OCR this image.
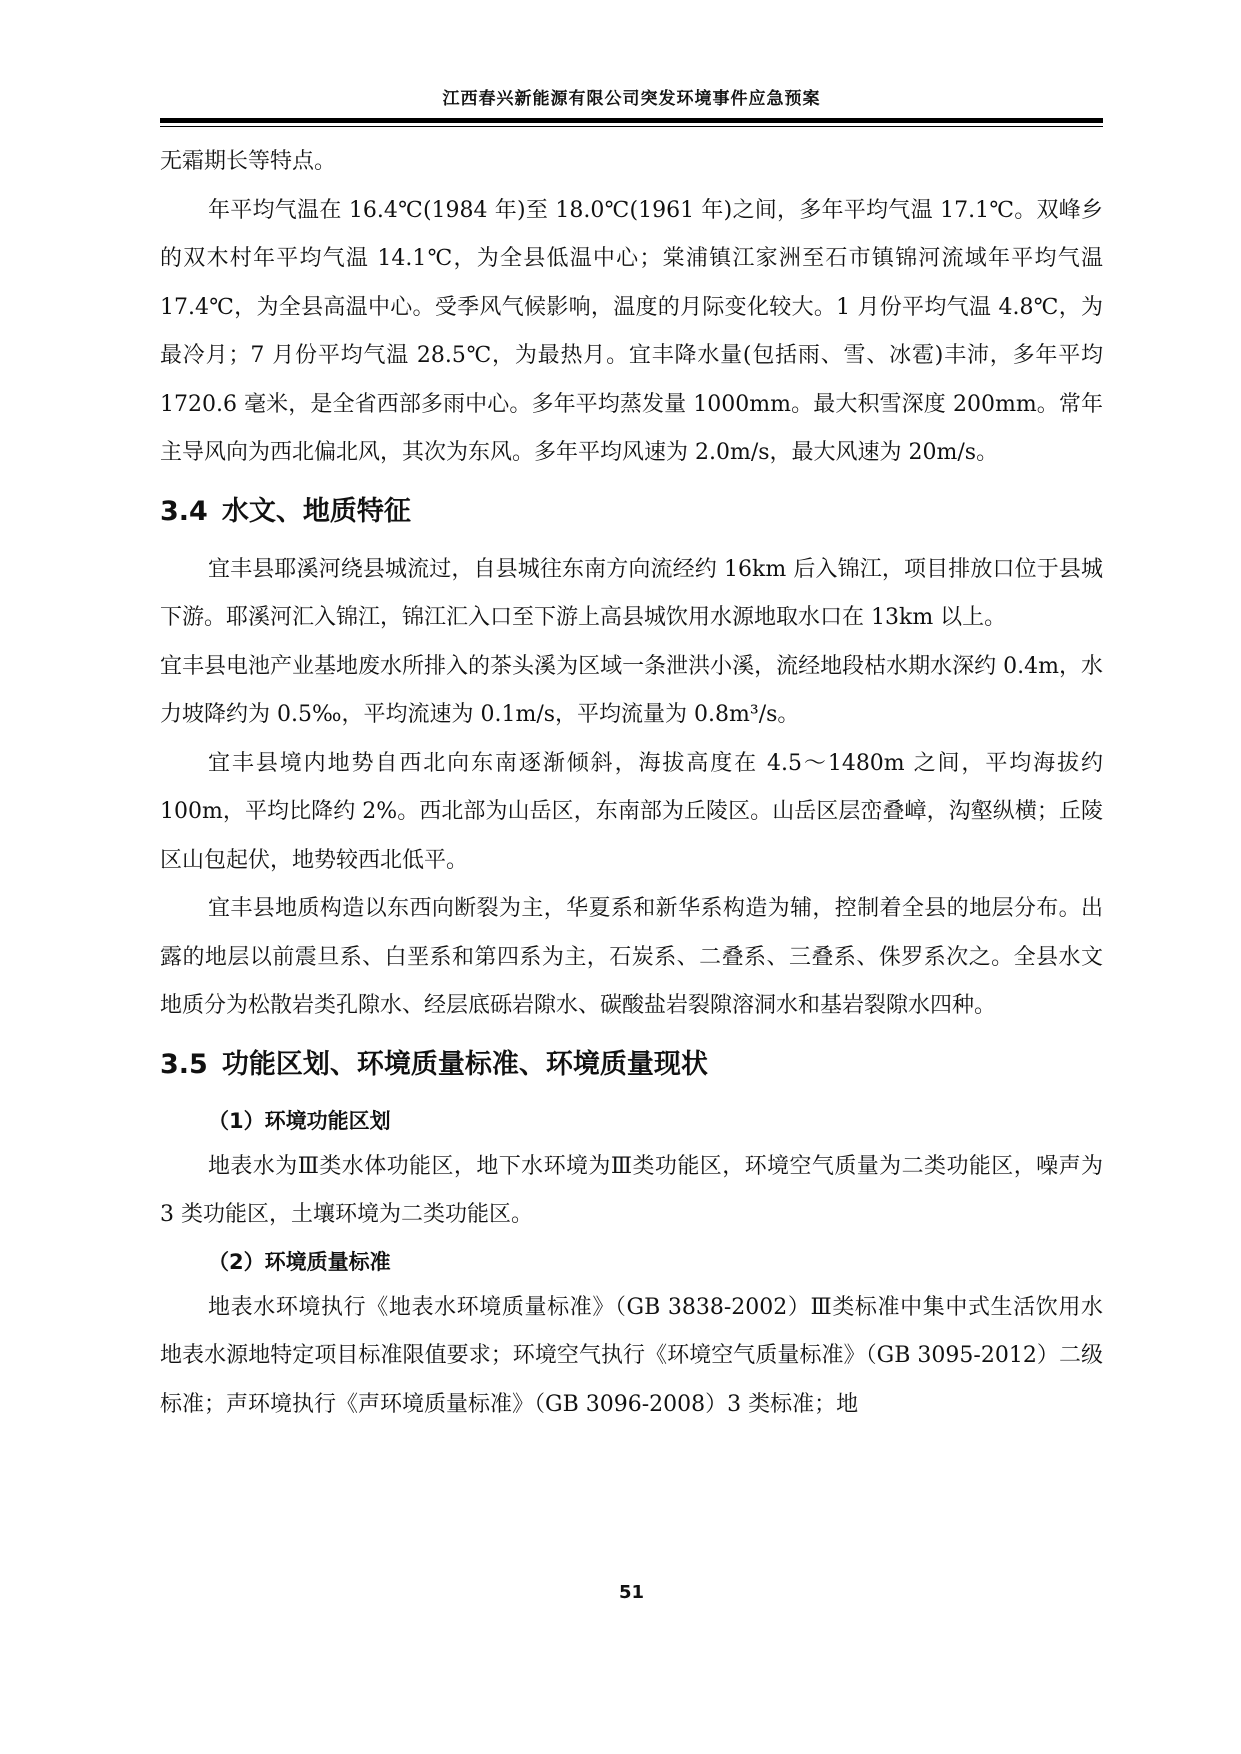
江西春兴新能源有限公司突发环境事件应急预案

无霜期长等特点。

年平均气温在 16.4℃(1984 年)至 18.0℃(1961 年)之间，多年平均气温 17.1℃。双峰乡的双木村年平均气温 14.1℃，为全县低温中心；棠浦镇江家洲至石市镇锦河流域年平均气温 17.4℃，为全县高温中心。受季风气候影响，温度的月际变化较大。1 月份平均气温 4.8℃，为最冷月；7 月份平均气温 28.5℃，为最热月。宜丰降水量(包括雨、雪、冰雹)丰沛，多年平均 1720.6 毫米，是全省西部多雨中心。多年平均蒸发量 1000mm。最大积雪深度 200mm。常年主导风向为西北偏北风，其次为东风。多年平均风速为 2.0m/s，最大风速为 20m/s。

3.4 水文、地质特征

宜丰县耶溪河绕县城流过，自县城往东南方向流经约 16km 后入锦江，项目排放口位于县城下游。耶溪河汇入锦江，锦江汇入口至下游上高县城饮用水源地取水口在 13km 以上。

宜丰县电池产业基地废水所排入的茶头溪为区域一条泄洪小溪，流经地段枯水期水深约 0.4m，水力坡降约为 0.5‰，平均流速为 0.1m/s，平均流量为 0.8m³/s。

宜丰县境内地势自西北向东南逐渐倾斜，海拔高度在 4.5～1480m 之间，平均海拔约 100m，平均比降约 2%。西北部为山岳区，东南部为丘陵区。山岳区层峦叠嶂，沟壑纵横；丘陵区山包起伏，地势较西北低平。

宜丰县地质构造以东西向断裂为主，华夏系和新华系构造为辅，控制着全县的地层分布。出露的地层以前震旦系、白垩系和第四系为主，石炭系、二叠系、三叠系、侏罗系次之。全县水文地质分为松散岩类孔隙水、经层底砾岩隙水、碳酸盐岩裂隙溶洞水和基岩裂隙水四种。

3.5 功能区划、环境质量标准、环境质量现状
（1）环境功能区划

地表水为Ⅲ类水体功能区，地下水环境为Ⅲ类功能区，环境空气质量为二类功能区，噪声为 3 类功能区，土壤环境为二类功能区。

（2）环境质量标准

地表水环境执行《地表水环境质量标准》（GB 3838-2002）Ⅲ类标准中集中式生活饮用水地表水源地特定项目标准限值要求；环境空气执行《环境空气质量标准》（GB 3095-2012）二级标准；声环境执行《声环境质量标准》（GB 3096-2008）3 类标准；地

51
